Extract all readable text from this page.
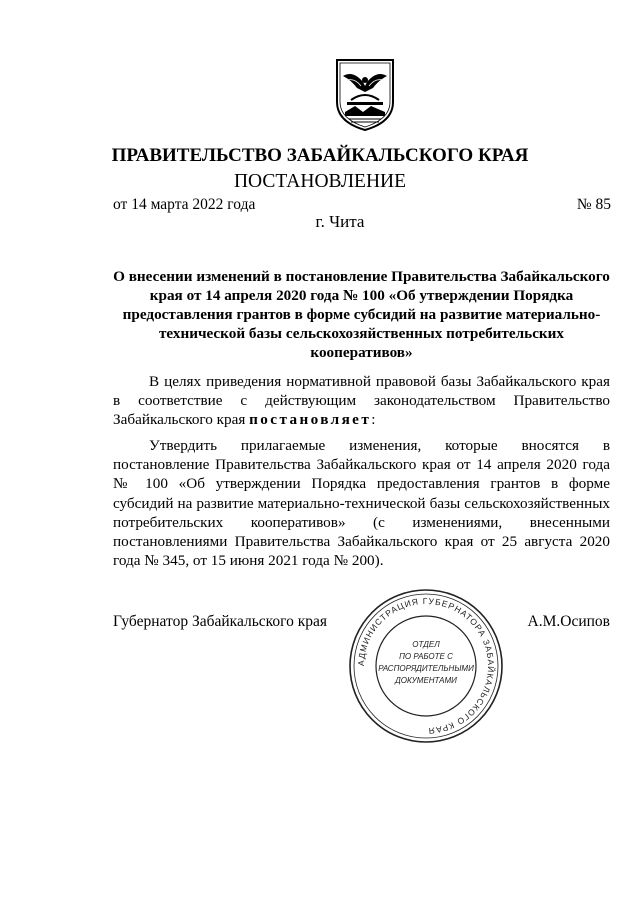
ПРАВИТЕЛЬСТВО ЗАБАЙКАЛЬСКОГО КРАЯ
ПОСТАНОВЛЕНИЕ
от 14 марта 2022 года	№ 85
г. Чита
О внесении изменений в постановление Правительства Забайкальского края от 14 апреля 2020 года № 100 «Об утверждении Порядка предоставления грантов в форме субсидий на развитие материально-технической базы сельскохозяйственных потребительских кооперативов»
В целях приведения нормативной правовой базы Забайкальского края в соответствие с действующим законодательством Правительство Забайкальского края постановляет:
Утвердить прилагаемые изменения, которые вносятся в постановление Правительства Забайкальского края от 14 апреля 2020 года № 100 «Об утверждении Порядка предоставления грантов в форме субсидий на развитие материально-технической базы сельскохозяйственных потребительских кооперативов» (с изменениями, внесенными постановлениями Правительства Забайкальского края от 25 августа 2020 года № 345, от 15 июня 2021 года № 200).
Губернатор Забайкальского края	А.М.Осипов
АДМИНИСТРАЦИЯ ГУБЕРНАТОРА ЗАБАЙКАЛЬСКОГО КРАЯ
ОТДЕЛ
ПО РАБОТЕ С
РАСПОРЯДИТЕЛЬНЫМИ
ДОКУМЕНТАМИ
